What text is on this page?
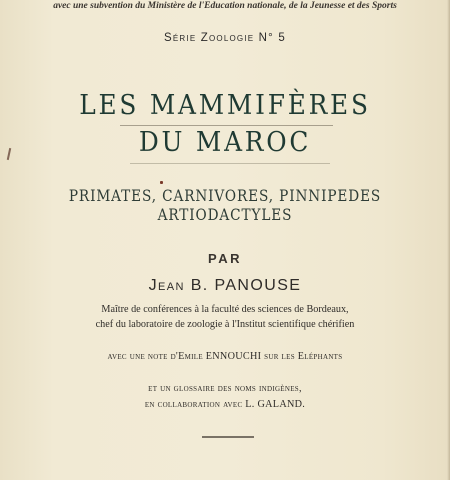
avec une subvention du Ministère de l'Education nationale, de la Jeunesse et des Sports
Série Zoologie N° 5
LES MAMMIFÈRES
DU MAROC
PRIMATES, CARNIVORES, PINNIPEDES
ARTIODACTYLES
PAR
Jean B. PANOUSE
Maître de conférences à la faculté des sciences de Bordeaux,
chef du laboratoire de zoologie à l'Institut scientifique chérifien
avec une note d'Emile ENNOUCHI sur les Eléphants
et un glossaire des noms indigènes,
en collaboration avec L. GALAND.
